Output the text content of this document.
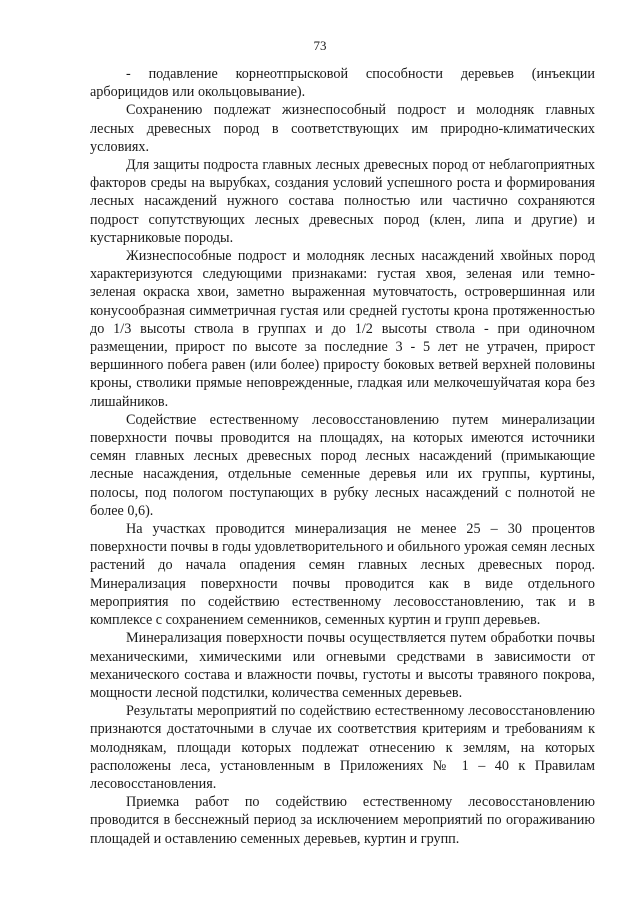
73

- подавление корнеотпрысковой способности деревьев (инъекции арборицидов или окольцовывание).

Сохранению подлежат жизнеспособный подрост и молодняк главных лесных древесных пород в соответствующих им природно-климатических условиях.

Для защиты подроста главных лесных древесных пород от неблагоприятных факторов среды на вырубках, создания условий успешного роста и формирования лесных насаждений нужного состава полностью или частично сохраняются подрост сопутствующих лесных древесных пород (клен, липа и другие) и кустарниковые породы.

Жизнеспособные подрост и молодняк лесных насаждений хвойных пород характеризуются следующими признаками: густая хвоя, зеленая или темно-зеленая окраска хвои, заметно выраженная мутовчатость, островершинная или конусообразная симметричная густая или средней густоты крона протяженностью до 1/3 высоты ствола в группах и до 1/2 высоты ствола - при одиночном размещении, прирост по высоте за последние 3 - 5 лет не утрачен, прирост вершинного побега равен (или более) приросту боковых ветвей верхней половины кроны, стволики прямые неповрежденные, гладкая или мелкочешуйчатая кора без лишайников.

Содействие естественному лесовосстановлению путем минерализации поверхности почвы проводится на площадях, на которых имеются источники семян главных лесных древесных пород лесных насаждений (примыкающие лесные насаждения, отдельные семенные деревья или их группы, куртины, полосы, под пологом поступающих в рубку лесных насаждений с полнотой не более 0,6).

На участках проводится минерализация не менее 25 – 30 процентов поверхности почвы в годы удовлетворительного и обильного урожая семян лесных растений до начала опадения семян главных лесных древесных пород. Минерализация поверхности почвы проводится как в виде отдельного мероприятия по содействию естественному лесовосстановлению, так и в комплексе с сохранением семенников, семенных куртин и групп деревьев.

Минерализация поверхности почвы осуществляется путем обработки почвы механическими, химическими или огневыми средствами в зависимости от механического состава и влажности почвы, густоты и высоты травяного покрова, мощности лесной подстилки, количества семенных деревьев.

Результаты мероприятий по содействию естественному лесовосстановлению признаются достаточными в случае их соответствия критериям и требованиям к молоднякам, площади которых подлежат отнесению к землям, на которых расположены леса, установленным в Приложениях № 1 – 40 к Правилам лесовосстановления.

Приемка работ по содействию естественному лесовосстановлению проводится в бесснежный период за исключением мероприятий по огораживанию площадей и оставлению семенных деревьев, куртин и групп.
